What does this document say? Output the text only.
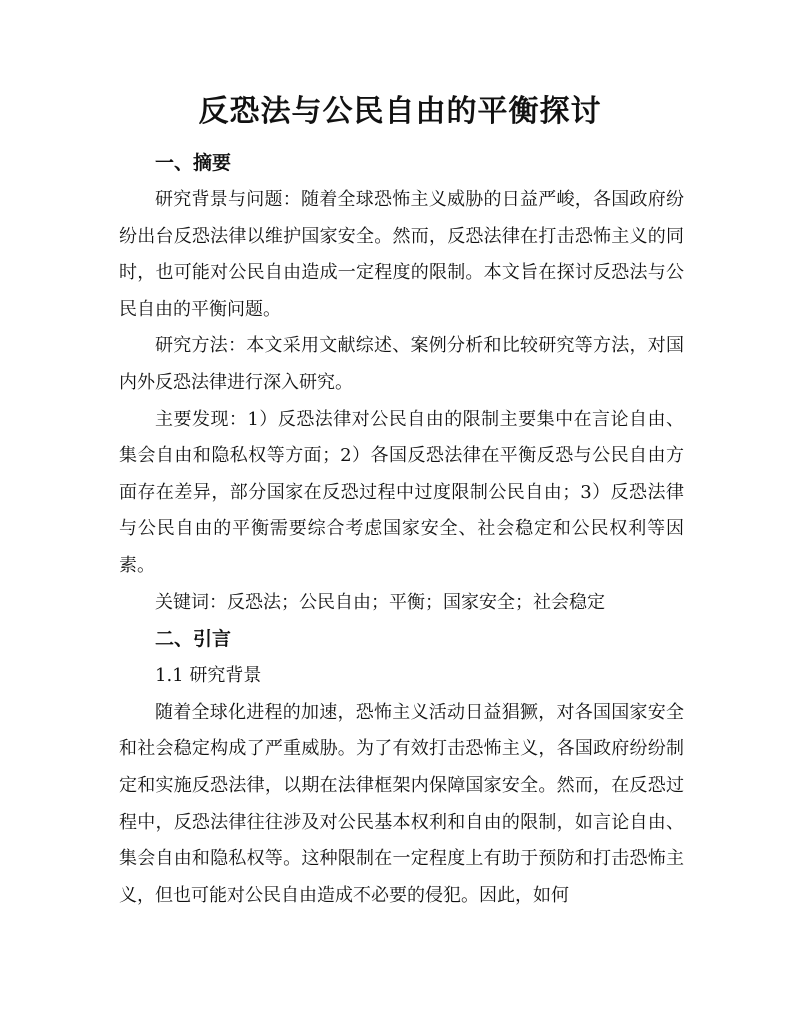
反恐法与公民自由的平衡探讨
一、摘要

研究背景与问题：随着全球恐怖主义威胁的日益严峻，各国政府纷纷出台反恐法律以维护国家安全。然而，反恐法律在打击恐怖主义的同时，也可能对公民自由造成一定程度的限制。本文旨在探讨反恐法与公民自由的平衡问题。

研究方法：本文采用文献综述、案例分析和比较研究等方法，对国内外反恐法律进行深入研究。

主要发现：1）反恐法律对公民自由的限制主要集中在言论自由、集会自由和隐私权等方面；2）各国反恐法律在平衡反恐与公民自由方面存在差异，部分国家在反恐过程中过度限制公民自由；3）反恐法律与公民自由的平衡需要综合考虑国家安全、社会稳定和公民权利等因素。

关键词：反恐法；公民自由；平衡；国家安全；社会稳定

二、引言

1.1 研究背景

随着全球化进程的加速，恐怖主义活动日益猖獗，对各国国家安全和社会稳定构成了严重威胁。为了有效打击恐怖主义，各国政府纷纷制定和实施反恐法律，以期在法律框架内保障国家安全。然而，在反恐过程中，反恐法律往往涉及对公民基本权利和自由的限制，如言论自由、集会自由和隐私权等。这种限制在一定程度上有助于预防和打击恐怖主义，但也可能对公民自由造成不必要的侵犯。因此，如何
